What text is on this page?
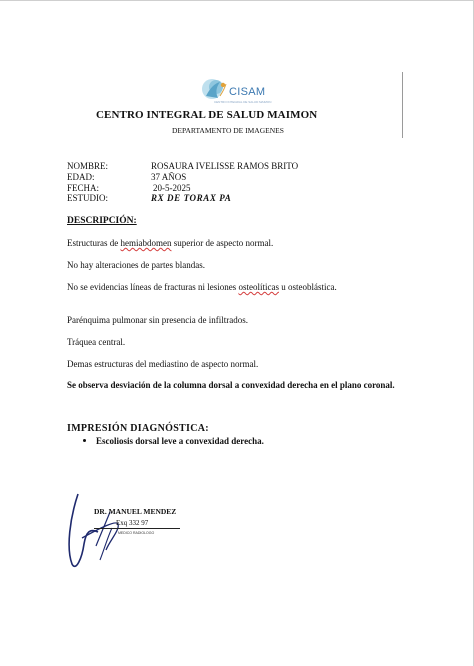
CISAM
CENTRO INTEGRAL DE SALUD MAIMON
CENTRO INTEGRAL DE SALUD MAIMON
DEPARTAMENTO DE IMAGENES
NOMBRE:	ROSAURA IVELISSE RAMOS BRITO
EDAD:	37 AÑOS
FECHA:	20-5-2025
ESTUDIO:	RX DE TORAX PA
DESCRIPCIÓN:
Estructuras de hemiabdomen superior de aspecto normal.
No hay alteraciones de partes blandas.
No se evidencias líneas de fracturas ni lesiones osteolíticas u osteoblástica.
Parénquima pulmonar sin presencia de infiltrados.
Tráquea central.
Demas estructuras del mediastino de aspecto normal.
Se observa desviación de la columna dorsal a convexidad derecha en el plano coronal.
IMPRESIÓN DIAGNÓSTICA:
Escoliosis dorsal leve a convexidad derecha.
DR. MANUEL MENDEZ
Exq 332 97
MEDICO RADIOLOGO
